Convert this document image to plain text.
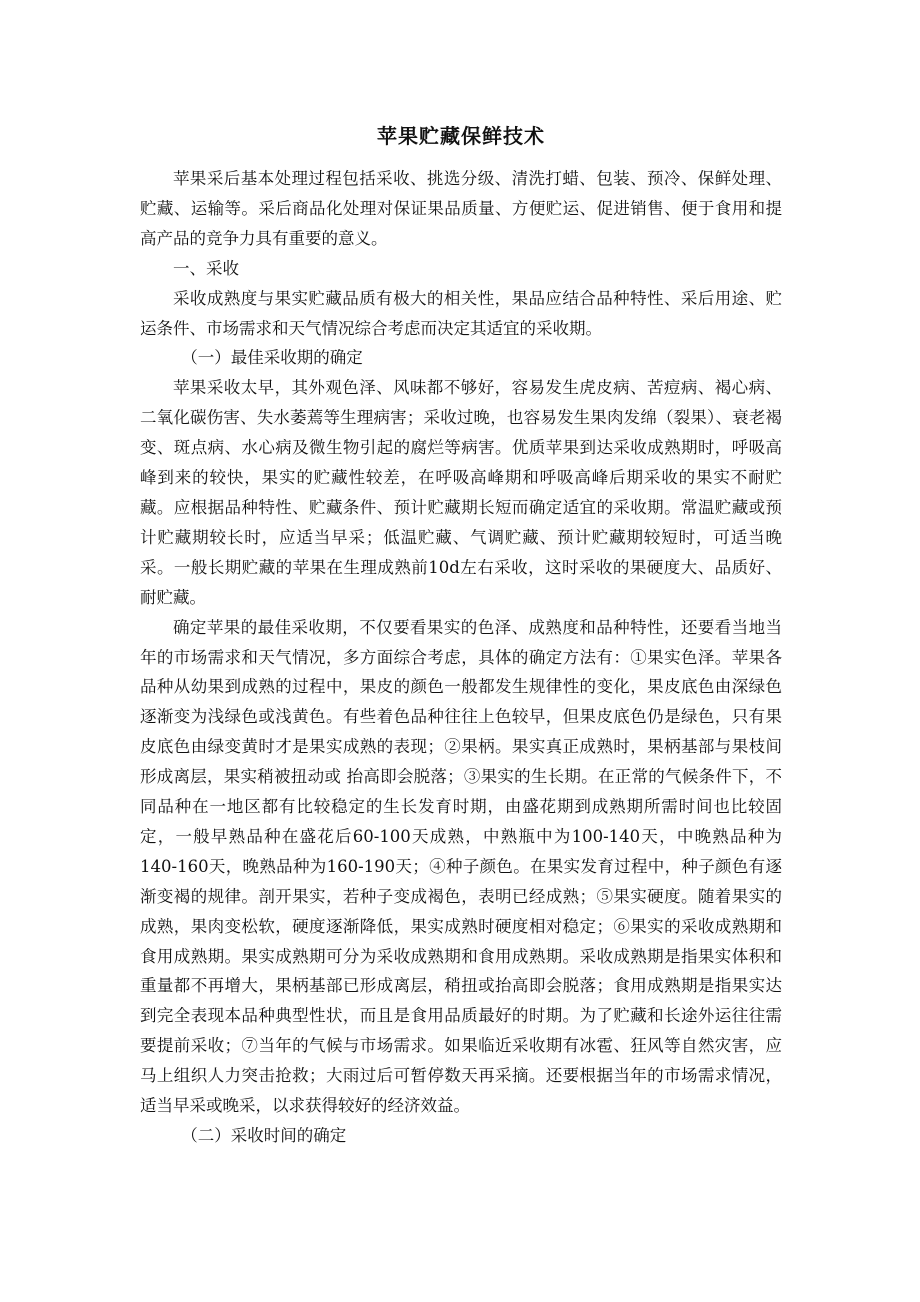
苹果贮藏保鲜技术

苹果采后基本处理过程包括采收、挑选分级、清洗打蜡、包装、预冷、保鲜处理、贮藏、运输等。采后商品化处理对保证果品质量、方便贮运、促进销售、便于食用和提高产品的竞争力具有重要的意义。

一、采收

采收成熟度与果实贮藏品质有极大的相关性，果品应结合品种特性、采后用途、贮运条件、市场需求和天气情况综合考虑而决定其适宜的采收期。

（一）最佳采收期的确定

苹果采收太早，其外观色泽、风味都不够好，容易发生虎皮病、苦痘病、褐心病、二氧化碳伤害、失水萎蔫等生理病害；采收过晚，也容易发生果肉发绵（裂果）、衰老褐变、斑点病、水心病及微生物引起的腐烂等病害。优质苹果到达采收成熟期时，呼吸高峰到来的较快，果实的贮藏性较差，在呼吸高峰期和呼吸高峰后期采收的果实不耐贮藏。应根据品种特性、贮藏条件、预计贮藏期长短而确定适宜的采收期。常温贮藏或预计贮藏期较长时，应适当早采；低温贮藏、气调贮藏、预计贮藏期较短时，可适当晚采。一般长期贮藏的苹果在生理成熟前10d左右采收，这时采收的果硬度大、品质好、耐贮藏。

确定苹果的最佳采收期，不仅要看果实的色泽、成熟度和品种特性，还要看当地当年的市场需求和天气情况，多方面综合考虑，具体的确定方法有：①果实色泽。苹果各品种从幼果到成熟的过程中，果皮的颜色一般都发生规律性的变化，果皮底色由深绿色逐渐变为浅绿色或浅黄色。有些着色品种往往上色较早，但果皮底色仍是绿色，只有果皮底色由绿变黄时才是果实成熟的表现；②果柄。果实真正成熟时，果柄基部与果枝间形成离层，果实稍被扭动或 抬高即会脱落；③果实的生长期。在正常的气候条件下，不同品种在一地区都有比较稳定的生长发育时期，由盛花期到成熟期所需时间也比较固定，一般早熟品种在盛花后60-100天成熟，中熟瓶中为100-140天，中晚熟品种为140-160天，晚熟品种为160-190天；④种子颜色。在果实发育过程中，种子颜色有逐渐变褐的规律。剖开果实，若种子变成褐色，表明已经成熟；⑤果实硬度。随着果实的成熟，果肉变松软，硬度逐渐降低，果实成熟时硬度相对稳定；⑥果实的采收成熟期和食用成熟期。果实成熟期可分为采收成熟期和食用成熟期。采收成熟期是指果实体积和重量都不再增大，果柄基部已形成离层，稍扭或抬高即会脱落；食用成熟期是指果实达到完全表现本品种典型性状，而且是食用品质最好的时期。为了贮藏和长途外运往往需要提前采收；⑦当年的气候与市场需求。如果临近采收期有冰雹、狂风等自然灾害，应马上组织人力突击抢救；大雨过后可暂停数天再采摘。还要根据当年的市场需求情况，适当早采或晚采，以求获得较好的经济效益。

（二）采收时间的确定
